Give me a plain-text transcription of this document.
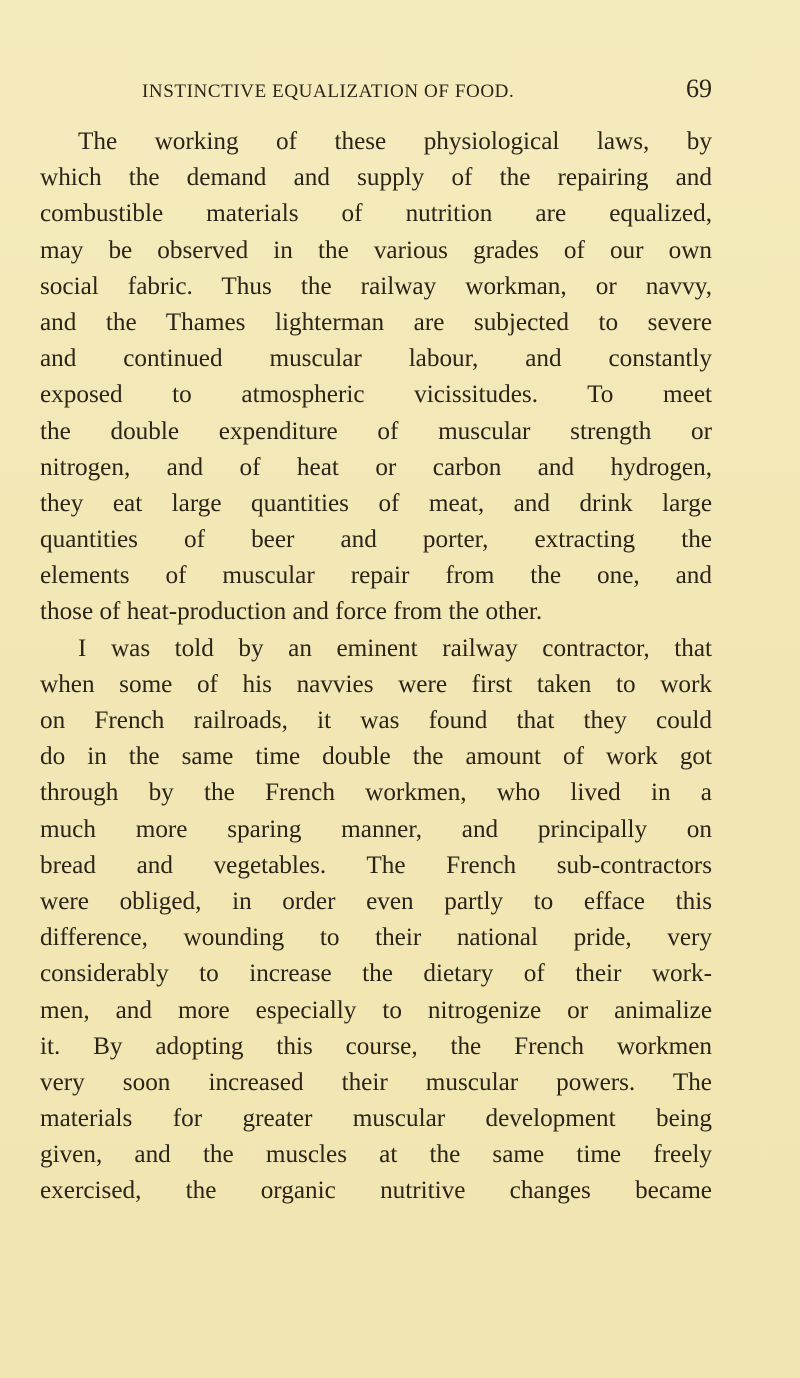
INSTINCTIVE EQUALIZATION OF FOOD.	69
The working of these physiological laws, by
which the demand and supply of the repairing and
combustible materials of nutrition are equalized,
may be observed in the various grades of our own
social fabric. Thus the railway workman, or navvy,
and the Thames lighterman are subjected to severe
and continued muscular labour, and constantly
exposed to atmospheric vicissitudes. To meet
the double expenditure of muscular strength or
nitrogen, and of heat or carbon and hydrogen,
they eat large quantities of meat, and drink large
quantities of beer and porter, extracting the
elements of muscular repair from the one, and
those of heat-production and force from the other.
I was told by an eminent railway contractor, that
when some of his navvies were first taken to work
on French railroads, it was found that they could
do in the same time double the amount of work got
through by the French workmen, who lived in a
much more sparing manner, and principally on
bread and vegetables. The French sub-contractors
were obliged, in order even partly to efface this
difference, wounding to their national pride, very
considerably to increase the dietary of their work-
men, and more especially to nitrogenize or animalize
it. By adopting this course, the French workmen
very soon increased their muscular powers. The
materials for greater muscular development being
given, and the muscles at the same time freely
exercised, the organic nutritive changes became
